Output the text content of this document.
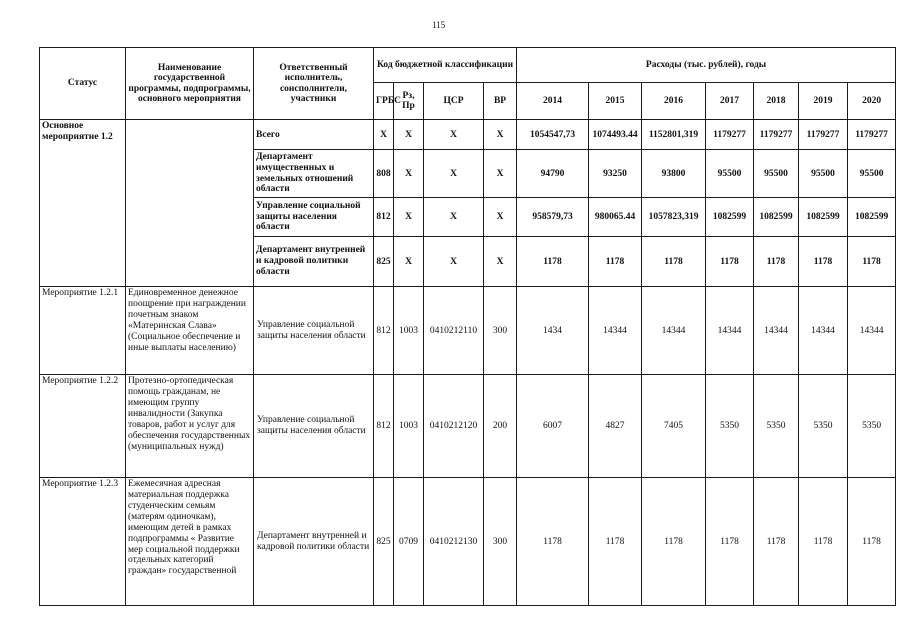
115
Статус	Наименование государственной программы, подпрограммы, основного мероприятия	Ответственный исполнитель, соисполнители, участники	Код бюджетной классификации				Расходы (тыс. рублей), годы						
			ГРБС	Рз, Пр	ЦСР	ВР	2014	2015	2016	2017	2018	2019	2020
Основное мероприятие 1.2		Всего	X	X	X	X	1054547,73	1074493.44	1152801,319	1179277	1179277	1179277	1179277
		Департамент имущественных и земельных отношений области	808	X	X	X	94790	93250	93800	95500	95500	95500	95500
		Управление социальной защиты населения области	812	X	X	X	958579,73	980065.44	1057823,319	1082599	1082599	1082599	1082599
		Департамент внутренней и кадровой политики области	825	X	X	X	1178	1178	1178	1178	1178	1178	1178
Мероприятие 1.2.1	Единовременное денежное поощрение при награждении почетным знаком «Материнская Слава» (Социальное обеспечение и иные выплаты населению)	Управление социальной защиты населения области	812	1003	0410212110	300	1434	14344	14344	14344	14344	14344	14344
Мероприятие 1.2.2	Протезно-ортопедическая помощь гражданам, не имеющим группу инвалидности (Закупка товаров, работ и услуг для обеспечения государственных (муниципальных нужд)	Управление социальной защиты населения области	812	1003	0410212120	200	6007	4827	7405	5350	5350	5350	5350
Мероприятие 1.2.3	Ежемесячная адресная материальная поддержка студенческим семьям (матерям одиночкам), имеющим детей в рамках подпрограммы « Развитие мер социальной поддержки отдельных категорий граждан» государственной	Департамент внутренней и кадровой политики области	825	0709	0410212130	300	1178	1178	1178	1178	1178	1178	1178
